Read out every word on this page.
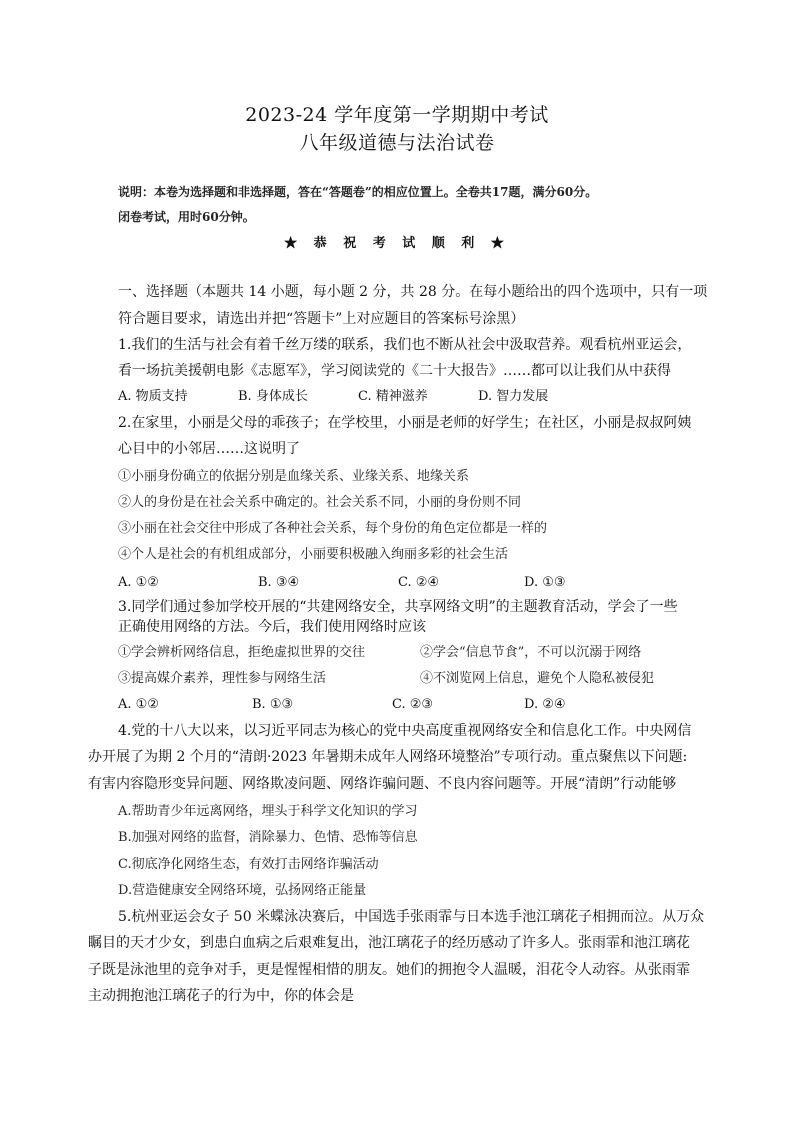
2023-24 学年度第一学期期中考试
八年级道德与法治试卷
说明：本卷为选择题和非选择题，答在“答题卷”的相应位置上。全卷共17题，满分60分。
闭卷考试，用时60分钟。
★ 恭 祝 考 试 顺 利 ★
一、选择题（本题共 14 小题，每小题 2 分，共 28 分。在每小题给出的四个选项中，只有一项
符合题目要求，请选出并把“答题卡”上对应题目的答案标号涂黑）
1.我们的生活与社会有着千丝万缕的联系，我们也不断从社会中汲取营养。观看杭州亚运会，
看一场抗美援朝电影《志愿军》，学习阅读党的《二十大报告》……都可以让我们从中获得
A. 物质支持	B. 身体成长	C. 精神滋养	D. 智力发展
2.在家里，小丽是父母的乖孩子；在学校里，小丽是老师的好学生；在社区，小丽是叔叔阿姨
心目中的小邻居……这说明了
①小丽身份确立的依据分别是血缘关系、业缘关系、地缘关系
②人的身份是在社会关系中确定的。社会关系不同，小丽的身份则不同
③小丽在社会交往中形成了各种社会关系，每个身份的角色定位都是一样的
④个人是社会的有机组成部分，小丽要积极融入绚丽多彩的社会生活
A. ①②	B. ③④	C. ②④	D. ①③
3.同学们通过参加学校开展的“共建网络安全，共享网络文明”的主题教育活动，学会了一些
正确使用网络的方法。今后，我们使用网络时应该
①学会辨析网络信息，拒绝虚拟世界的交往	②学会“信息节食”，不可以沉溺于网络
③提高媒介素养，理性参与网络生活	④不浏览网上信息，避免个人隐私被侵犯
A. ①②	B. ①③	C. ②③	D. ②④
4.党的十八大以来，以习近平同志为核心的党中央高度重视网络安全和信息化工作。中央网信
办开展了为期 2 个月的“清朗·2023 年暑期未成年人网络环境整治”专项行动。重点聚焦以下问题:
有害内容隐形变异问题、网络欺凌问题、网络诈骗问题、不良内容问题等。开展“清朗”行动能够
A.帮助青少年远离网络，埋头于科学文化知识的学习
B.加强对网络的监督，消除暴力、色情、恐怖等信息
C.彻底净化网络生态，有效打击网络诈骗活动
D.营造健康安全网络环境，弘扬网络正能量
5.杭州亚运会女子 50 米蝶泳决赛后，中国选手张雨霏与日本选手池江璃花子相拥而泣。从万众
瞩目的天才少女，到患白血病之后艰难复出，池江璃花子的经历感动了许多人。张雨霏和池江璃花
子既是泳池里的竞争对手，更是惺惺相惜的朋友。她们的拥抱令人温暖，泪花令人动容。从张雨霏
主动拥抱池江璃花子的行为中，你的体会是
